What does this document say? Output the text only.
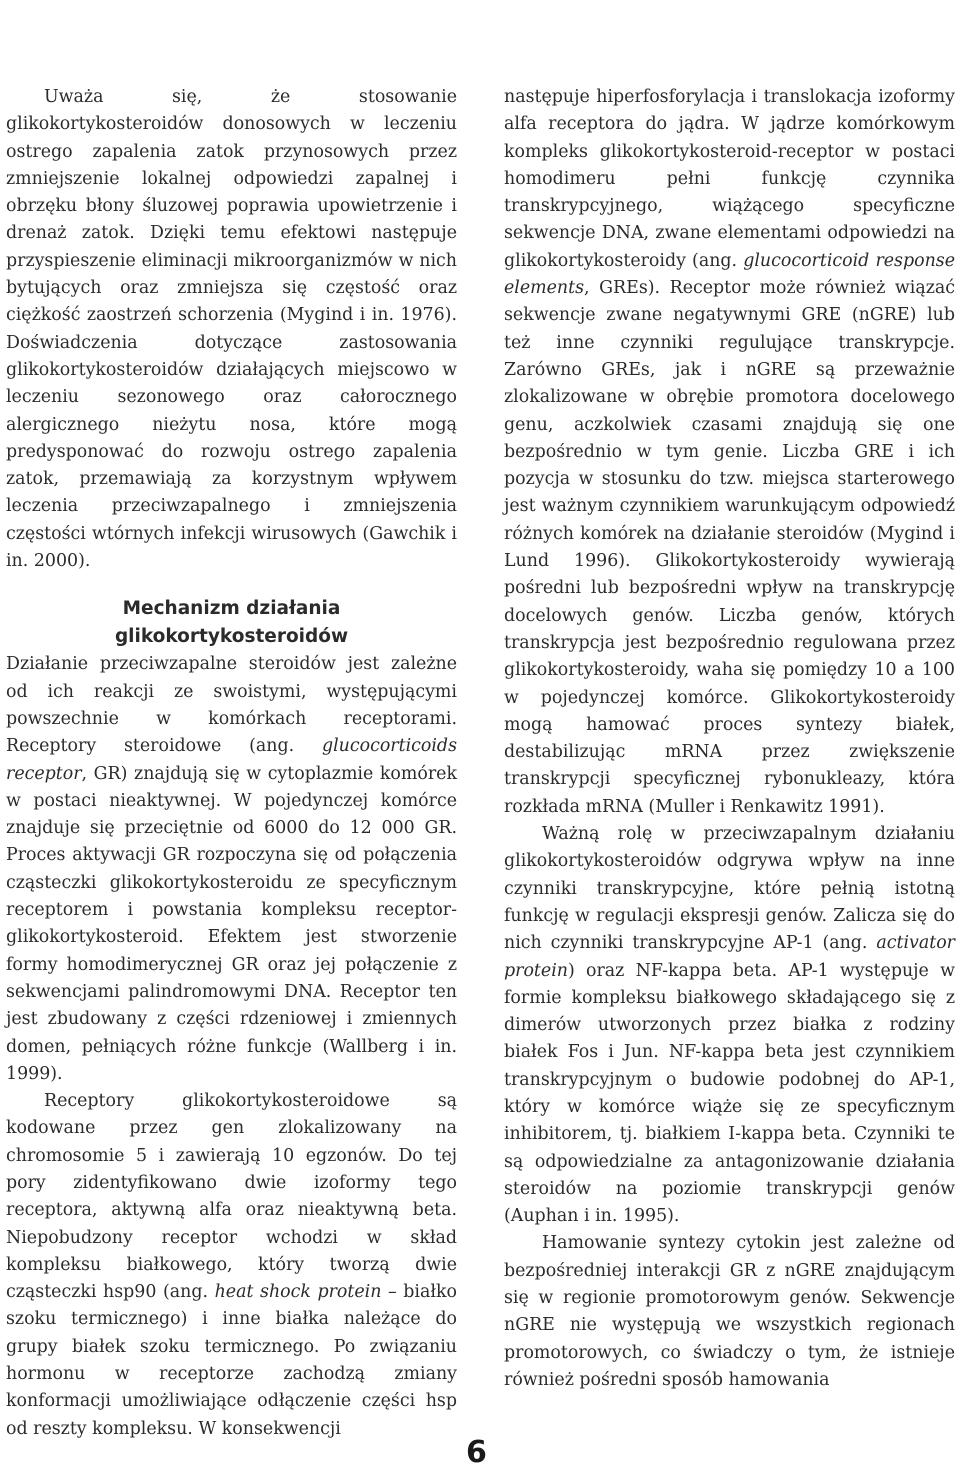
Uważa się, że stosowanie glikokortykosteroidów donosowych w leczeniu ostrego zapalenia zatok przynosowych przez zmniejszenie lokalnej odpowiedzi zapalnej i obrzęku błony śluzowej poprawia upowietrzenie i drenaż zatok. Dzięki temu efektowi następuje przyspieszenie eliminacji mikroorganizmów w nich bytujących oraz zmniejsza się częstość oraz ciężkość zaostrzeń schorzenia (Mygind i in. 1976). Doświadczenia dotyczące zastosowania glikokortykosteroidów działających miejscowo w leczeniu sezonowego oraz całorocznego alergicznego nieżytu nosa, które mogą predysponować do rozwoju ostrego zapalenia zatok, przemawiają za korzystnym wpływem leczenia przeciwzapalnego i zmniejszenia częstości wtórnych infekcji wirusowych (Gawchik i in. 2000).

Mechanizm działania
glikokortykosteroidów

Działanie przeciwzapalne steroidów jest zależne od ich reakcji ze swoistymi, występującymi powszechnie w komórkach receptorami. Receptory steroidowe (ang. glucocorticoids receptor, GR) znajdują się w cytoplazmie komórek w postaci nieaktywnej. W pojedynczej komórce znajduje się przeciętnie od 6000 do 12 000 GR. Proces aktywacji GR rozpoczyna się od połączenia cząsteczki glikokortykosteroidu ze specyficznym receptorem i powstania kompleksu receptor-glikokortykosteroid. Efektem jest stworzenie formy homodimerycznej GR oraz jej połączenie z sekwencjami palindromowymi DNA. Receptor ten jest zbudowany z części rdzeniowej i zmiennych domen, pełniących różne funkcje (Wallberg i in. 1999).

Receptory glikokortykosteroidowe są kodowane przez gen zlokalizowany na chromosomie 5 i zawierają 10 egzonów. Do tej pory zidentyfikowano dwie izoformy tego receptora, aktywną alfa oraz nieaktywną beta. Niepobudzony receptor wchodzi w skład kompleksu białkowego, który tworzą dwie cząsteczki hsp90 (ang. heat shock protein – białko szoku termicznego) i inne białka należące do grupy białek szoku termicznego. Po związaniu hormonu w receptorze zachodzą zmiany konformacji umożliwiające odłączenie części hsp od reszty kompleksu. W konsekwencji

następuje hiperfosforylacja i translokacja izoformy alfa receptora do jądra. W jądrze komórkowym kompleks glikokortykosteroid-receptor w postaci homodimeru pełni funkcję czynnika transkrypcyjnego, wiążącego specyficzne sekwencje DNA, zwane elementami odpowiedzi na glikokortykosteroidy (ang. glucocorticoid response elements, GREs). Receptor może również wiązać sekwencje zwane negatywnymi GRE (nGRE) lub też inne czynniki regulujące transkrypcje. Zarówno GREs, jak i nGRE są przeważnie zlokalizowane w obrębie promotora docelowego genu, aczkolwiek czasami znajdują się one bezpośrednio w tym genie. Liczba GRE i ich pozycja w stosunku do tzw. miejsca starterowego jest ważnym czynnikiem warunkującym odpowiedź różnych komórek na działanie steroidów (Mygind i Lund 1996). Glikokortykosteroidy wywierają pośredni lub bezpośredni wpływ na transkrypcję docelowych genów. Liczba genów, których transkrypcja jest bezpośrednio regulowana przez glikokortykosteroidy, waha się pomiędzy 10 a 100 w pojedynczej komórce. Glikokortykosteroidy mogą hamować proces syntezy białek, destabilizując mRNA przez zwiększenie transkrypcji specyficznej rybonukleazy, która rozkłada mRNA (Muller i Renkawitz 1991).

Ważną rolę w przeciwzapalnym działaniu glikokortykosteroidów odgrywa wpływ na inne czynniki transkrypcyjne, które pełnią istotną funkcję w regulacji ekspresji genów. Zalicza się do nich czynniki transkrypcyjne AP-1 (ang. activator protein) oraz NF-kappa beta. AP-1 występuje w formie kompleksu białkowego składającego się z dimerów utworzonych przez białka z rodziny białek Fos i Jun. NF-kappa beta jest czynnikiem transkrypcyjnym o budowie podobnej do AP-1, który w komórce wiąże się ze specyficznym inhibitorem, tj. białkiem I-kappa beta. Czynniki te są odpowiedzialne za antagonizowanie działania steroidów na poziomie transkrypcji genów (Auphan i in. 1995).

Hamowanie syntezy cytokin jest zależne od bezpośredniej interakcji GR z nGRE znajdującym się w regionie promotorowym genów. Sekwencje nGRE nie występują we wszystkich regionach promotorowych, co świadczy o tym, że istnieje również pośredni sposób hamowania

6
